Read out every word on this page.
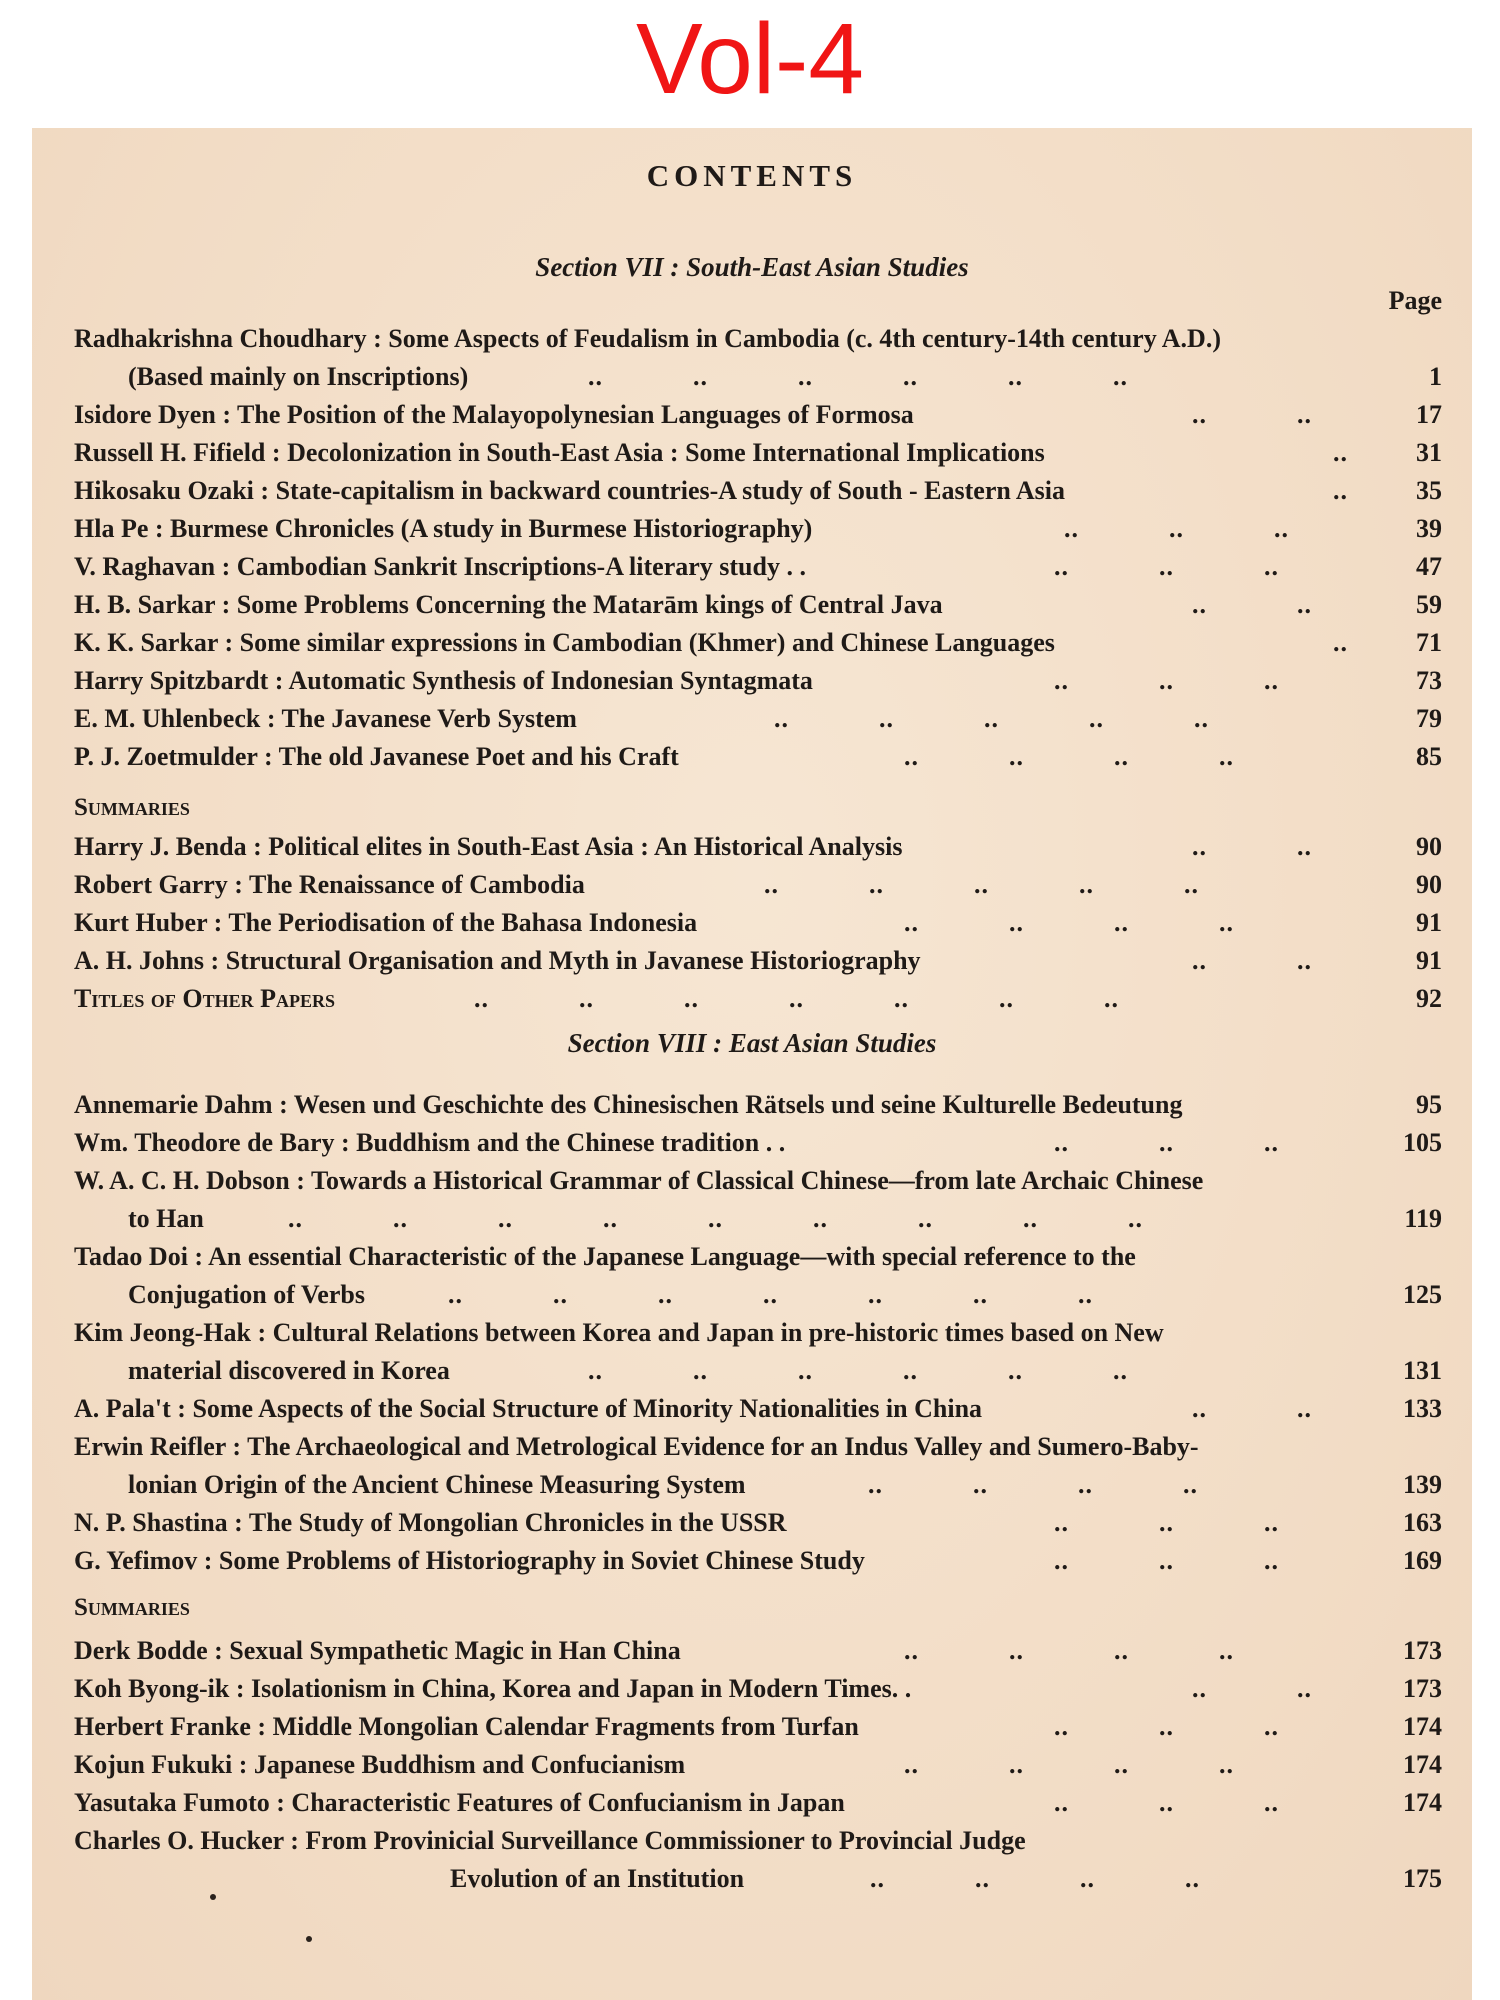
Vol-4
CONTENTS
Section VII : South-East Asian Studies
Page
Radhakrishna Choudhary : Some Aspects of Feudalism in Cambodia (c. 4th century-14th century A.D.)
(Based mainly on Inscriptions)	..            ..            ..            ..            ..            ..	1
Isidore Dyen : The Position of the Malayopolynesian Languages of Formosa	..            ..	17
Russell H. Fifield : Decolonization in South-East Asia : Some International Implications	..	31
Hikosaku Ozaki : State-capitalism in backward countries-A study of South - Eastern Asia	..	35
Hla Pe : Burmese Chronicles (A study in Burmese Historiography)	..            ..            ..	39
V. Raghavan : Cambodian Sankrit Inscriptions-A literary study . .	..            ..            ..	47
H. B. Sarkar : Some Problems Concerning the Matarām kings of Central Java	..            ..	59
K. K. Sarkar : Some similar expressions in Cambodian (Khmer) and Chinese Languages	..	71
Harry Spitzbardt : Automatic Synthesis of Indonesian Syntagmata	..            ..            ..	73
E. M. Uhlenbeck : The Javanese Verb System	..            ..            ..            ..            ..	79
P. J. Zoetmulder : The old Javanese Poet and his Craft	..            ..            ..            ..	85
Summaries
Harry J. Benda : Political elites in South-East Asia : An Historical Analysis	..            ..	90
Robert Garry : The Renaissance of Cambodia	..            ..            ..            ..            ..	90
Kurt Huber : The Periodisation of the Bahasa Indonesia	..            ..            ..            ..	91
A. H. Johns : Structural Organisation and Myth in Javanese Historiography	..            ..	91
Titles of Other Papers	..            ..            ..            ..            ..            ..            ..	92
Section VIII : East Asian Studies
Annemarie Dahm : Wesen und Geschichte des Chinesischen Rätsels und seine Kulturelle Bedeutung	95
Wm. Theodore de Bary : Buddhism and the Chinese tradition . .	..            ..            ..	105
W. A. C. H. Dobson : Towards a Historical Grammar of Classical Chinese—from late Archaic Chinese
to Han	..            ..            ..            ..            ..            ..            ..            ..            ..	119
Tadao Doi : An essential Characteristic of the Japanese Language—with special reference to the
Conjugation of Verbs	..            ..            ..            ..            ..            ..            ..	125
Kim Jeong-Hak : Cultural Relations between Korea and Japan in pre-historic times based on New
material discovered in Korea	..            ..            ..            ..            ..            ..	131
A. Pala't : Some Aspects of the Social Structure of Minority Nationalities in China	..            ..	133
Erwin Reifler : The Archaeological and Metrological Evidence for an Indus Valley and Sumero-Baby-
lonian Origin of the Ancient Chinese Measuring System	..            ..            ..            ..	139
N. P. Shastina : The Study of Mongolian Chronicles in the USSR	..            ..            ..	163
G. Yefimov : Some Problems of Historiography in Soviet Chinese Study	..            ..            ..	169
Summaries
Derk Bodde : Sexual Sympathetic Magic in Han China	..            ..            ..            ..	173
Koh Byong-ik : Isolationism in China, Korea and Japan in Modern Times. .	..            ..	173
Herbert Franke : Middle Mongolian Calendar Fragments from Turfan	..            ..            ..	174
Kojun Fukuki : Japanese Buddhism and Confucianism	..            ..            ..            ..	174
Yasutaka Fumoto : Characteristic Features of Confucianism in Japan	..            ..            ..	174
Charles O. Hucker : From Provinicial Surveillance Commissioner to Provincial Judge
Evolution of an Institution	..            ..            ..            ..	175
